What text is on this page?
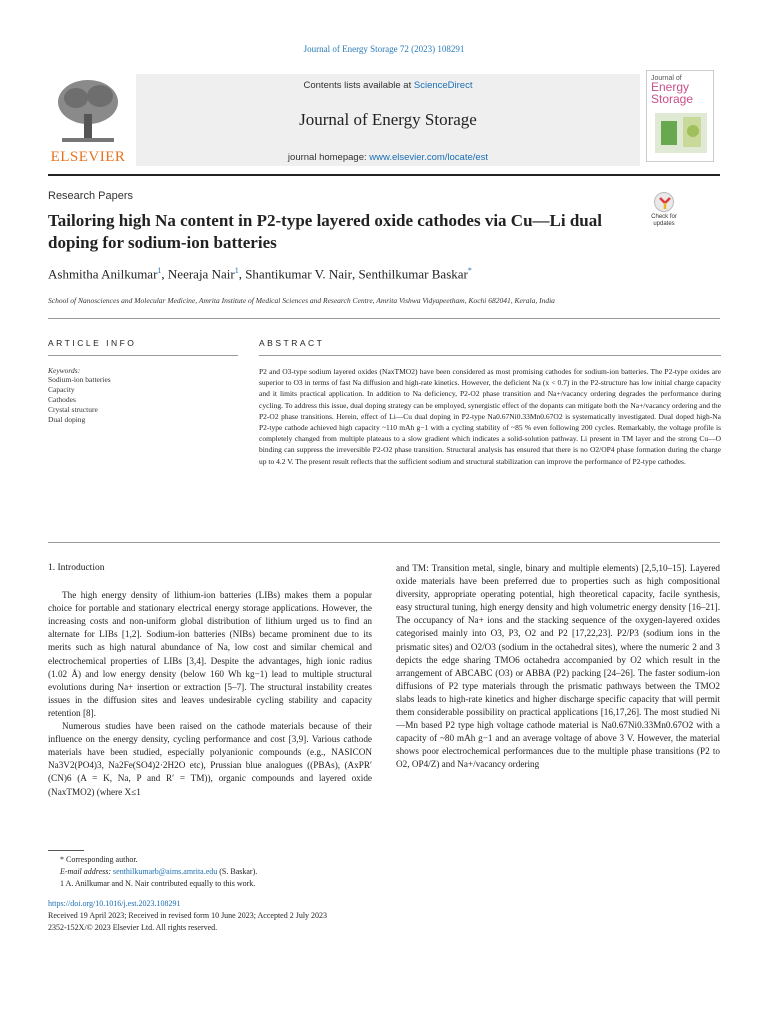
Journal of Energy Storage 72 (2023) 108291
ELSEVIER
Contents lists available at ScienceDirect
Journal of Energy Storage
journal homepage: www.elsevier.com/locate/est
Journal of
Energy
Storage
Research Papers
Tailoring high Na content in P2-type layered oxide cathodes via Cu—Li dual doping for sodium-ion batteries
Check for updates
Ashmitha Anilkumar$^1$, Neeraja Nair$^1$, Shantikumar V. Nair, Senthilkumar Baskar*
School of Nanosciences and Molecular Medicine, Amrita Institute of Medical Sciences and Research Centre, Amrita Vishwa Vidyapeetham, Kochi 682041, Kerala, India
ARTICLE INFO
Keywords:
Sodium-ion batteries
Capacity
Cathodes
Crystal structure
Dual doping
ABSTRACT
P2 and O3-type sodium layered oxides (NaxTMO2) have been considered as most promising cathodes for sodium-ion batteries. The P2-type oxides are superior to O3 in terms of fast Na diffusion and high-rate kinetics. However, the deficient Na (x < 0.7) in the P2-structure has low initial charge capacity and it limits practical application. In addition to Na deficiency, P2-O2 phase transition and Na+/vacancy ordering degrades the performance during cycling. To address this issue, dual doping strategy can be employed, synergistic effect of the dopants can mitigate both the Na+/vacancy ordering and the P2-O2 phase transitions. Herein, effect of Li—Cu dual doping in P2-type Na0.67Ni0.33Mn0.67O2 is systematically investigated. Dual doped high-Na P2-type cathode achieved high capacity ~110 mAh g−1 with a cycling stability of ~85 % even following 200 cycles. Remarkably, the voltage profile is completely changed from multiple plateaus to a slow gradient which indicates a solid-solution pathway. Li present in TM layer and the strong Cu—O binding can suppress the irreversible P2-O2 phase transition. Structural analysis has ensured that there is no O2/OP4 phase formation during the charge up to 4.2 V. The present result reflects that the sufficient sodium and structural stabilization can improve the performance of P2-type cathodes.
1. Introduction

The high energy density of lithium-ion batteries (LIBs) makes them a popular choice for portable and stationary electrical energy storage applications. However, the increasing costs and non-uniform global distribution of lithium urged us to find an alternate for LIBs [1,2]. Sodium-ion batteries (NIBs) became prominent due to its merits such as high natural abundance of Na, low cost and similar chemical and electrochemical properties of LIBs [3,4]. Despite the advantages, high ionic radius (1.02 Å) and low energy density (below 160 Wh kg−1) lead to multiple structural evolutions during Na+ insertion or extraction [5–7]. The structural instability creates issues in the diffusion sites and leaves undesirable cycling stability and capacity retention [8].

Numerous studies have been raised on the cathode materials because of their influence on the energy density, cycling performance and cost [3,9]. Various cathode materials have been studied, especially polyanionic compounds (e.g., NASICON Na3V2(PO4)3, Na2Fe(SO4)2·2H2O etc), Prussian blue analogues ((PBAs), (AxPR′(CN)6 (A = K, Na, P and R′ = TM)), organic compounds and layered oxide (NaxTMO2) (where X≤1

and TM: Transition metal, single, binary and multiple elements) [2,5,10–15]. Layered oxide materials have been preferred due to properties such as high compositional diversity, appropriate operating potential, high theoretical capacity, facile synthesis, easy structural tuning, high energy density and high volumetric energy density [16–21]. The occupancy of Na+ ions and the stacking sequence of the oxygen-layered oxides categorised mainly into O3, P3, O2 and P2 [17,22,23]. P2/P3 (sodium ions in the prismatic sites) and O2/O3 (sodium in the octahedral sites), where the numeric 2 and 3 depicts the edge sharing TMO6 octahedra accompanied by O2 which result in the arrangement of ABCABC (O3) or ABBA (P2) packing [24–26]. The faster sodium-ion diffusions of P2 type materials through the prismatic pathways between the TMO2 slabs leads to high-rate kinetics and higher discharge specific capacity that will permit them considerable possibility on practical applications [16,17,26]. The most studied Ni—Mn based P2 type high voltage cathode material is Na0.67Ni0.33Mn0.67O2 with a capacity of ~80 mAh g−1 and an average voltage of above 3 V. However, the material shows poor electrochemical performances due to the multiple phase transitions (P2 to O2, OP4/Z) and Na+/vacancy ordering

* Corresponding author.
E-mail address: senthilkumarb@aims.amrita.edu (S. Baskar).
1 A. Anilkumar and N. Nair contributed equally to this work.
https://doi.org/10.1016/j.est.2023.108291
Received 19 April 2023; Received in revised form 10 June 2023; Accepted 2 July 2023
2352-152X/© 2023 Elsevier Ltd. All rights reserved.
